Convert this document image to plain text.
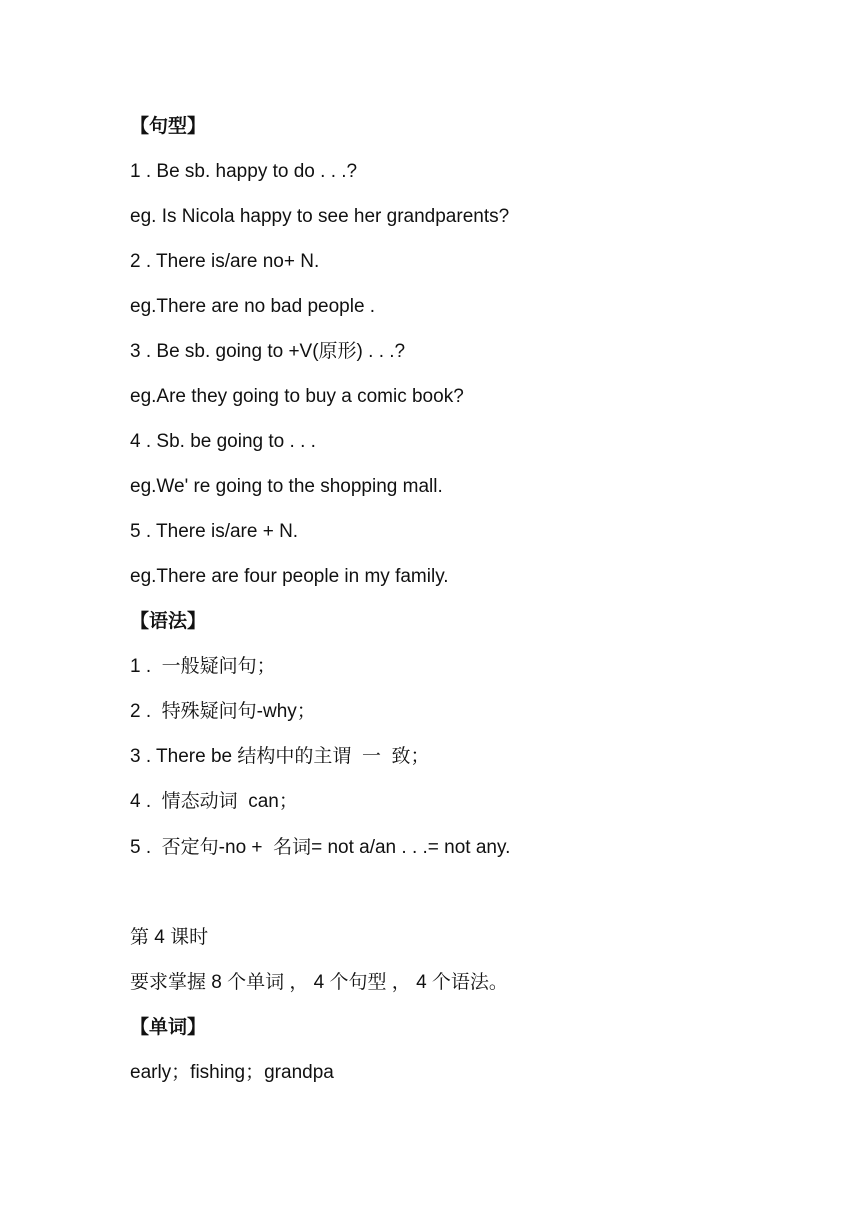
【句型】
1 . Be sb. happy to do . . .?
eg. Is Nicola happy to see her grandparents?
2 . There is/are no+ N.
eg.There are no bad people .
3 . Be sb. going to +V(原形) . . .?
eg.Are they going to buy a comic book?
4 . Sb. be going to . . .
eg.We' re going to the shopping mall.
5 . There is/are + N.
eg.There are four people in my family.
【语法】
1 .  一般疑问句；
2 .  特殊疑问句-why；
3 . There be 结构中的主谓  一  致；
4 .  情态动词  can；
5 .  否定句-no +  名词= not a/an . . .= not any.
第 4 课时
要求掌握 8 个单词 ， 4 个句型 ， 4 个语法。
【单词】
early；fishing；grandpa
